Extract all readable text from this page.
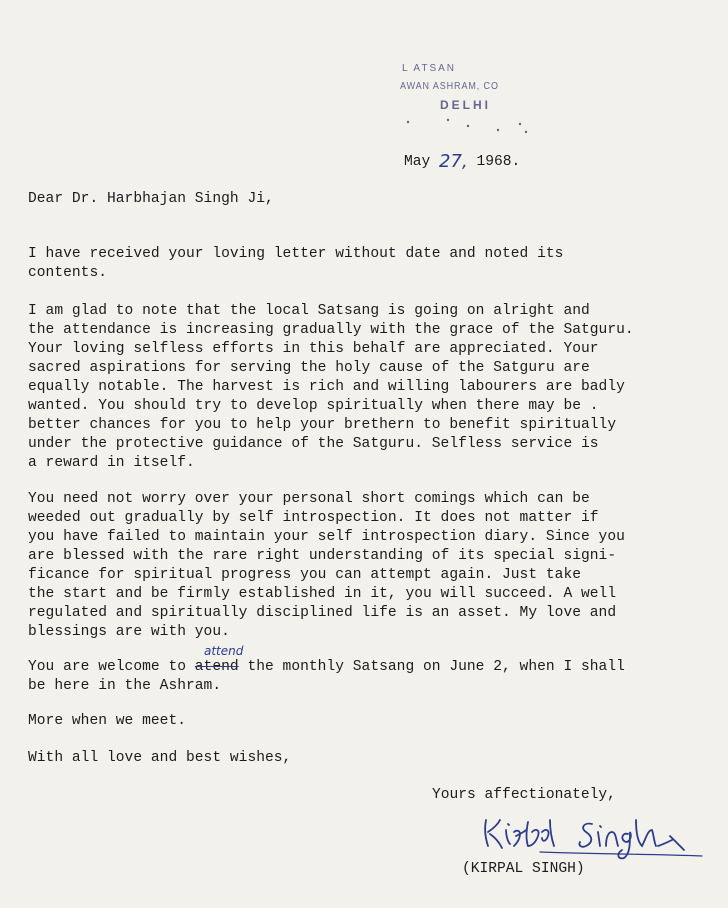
L ATSAN
AWAN ASHRAM, CO
DELHI
May 27, 1968.
Dear Dr. Harbhajan Singh Ji,
I have received your loving letter without date and noted its
contents.
I am glad to note that the local Satsang is going on alright and
the attendance is increasing gradually with the grace of the Satguru.
Your loving selfless efforts in this behalf are appreciated. Your
sacred aspirations for serving the holy cause of the Satguru are
equally notable. The harvest is rich and willing labourers are badly
wanted. You should try to develop spiritually when there may be .
better chances for you to help your brethern to benefit spiritually
under the protective guidance of the Satguru. Selfless service is
a reward in itself.
You need not worry over your personal short comings which can be
weeded out gradually by self introspection. It does not matter if
you have failed to maintain your self introspection diary. Since you
are blessed with the rare right understanding of its special signi-
ficance for spiritual progress you can attempt again. Just take
the start and be firmly established in it, you will succeed. A well
regulated and spiritually disciplined life is an asset. My love and
blessings are with you.
attend
You are welcome to atend the monthly Satsang on June 2, when I shall
be here in the Ashram.
More when we meet.
With all love and best wishes,
Yours affectionately,
(KIRPAL SINGH)
